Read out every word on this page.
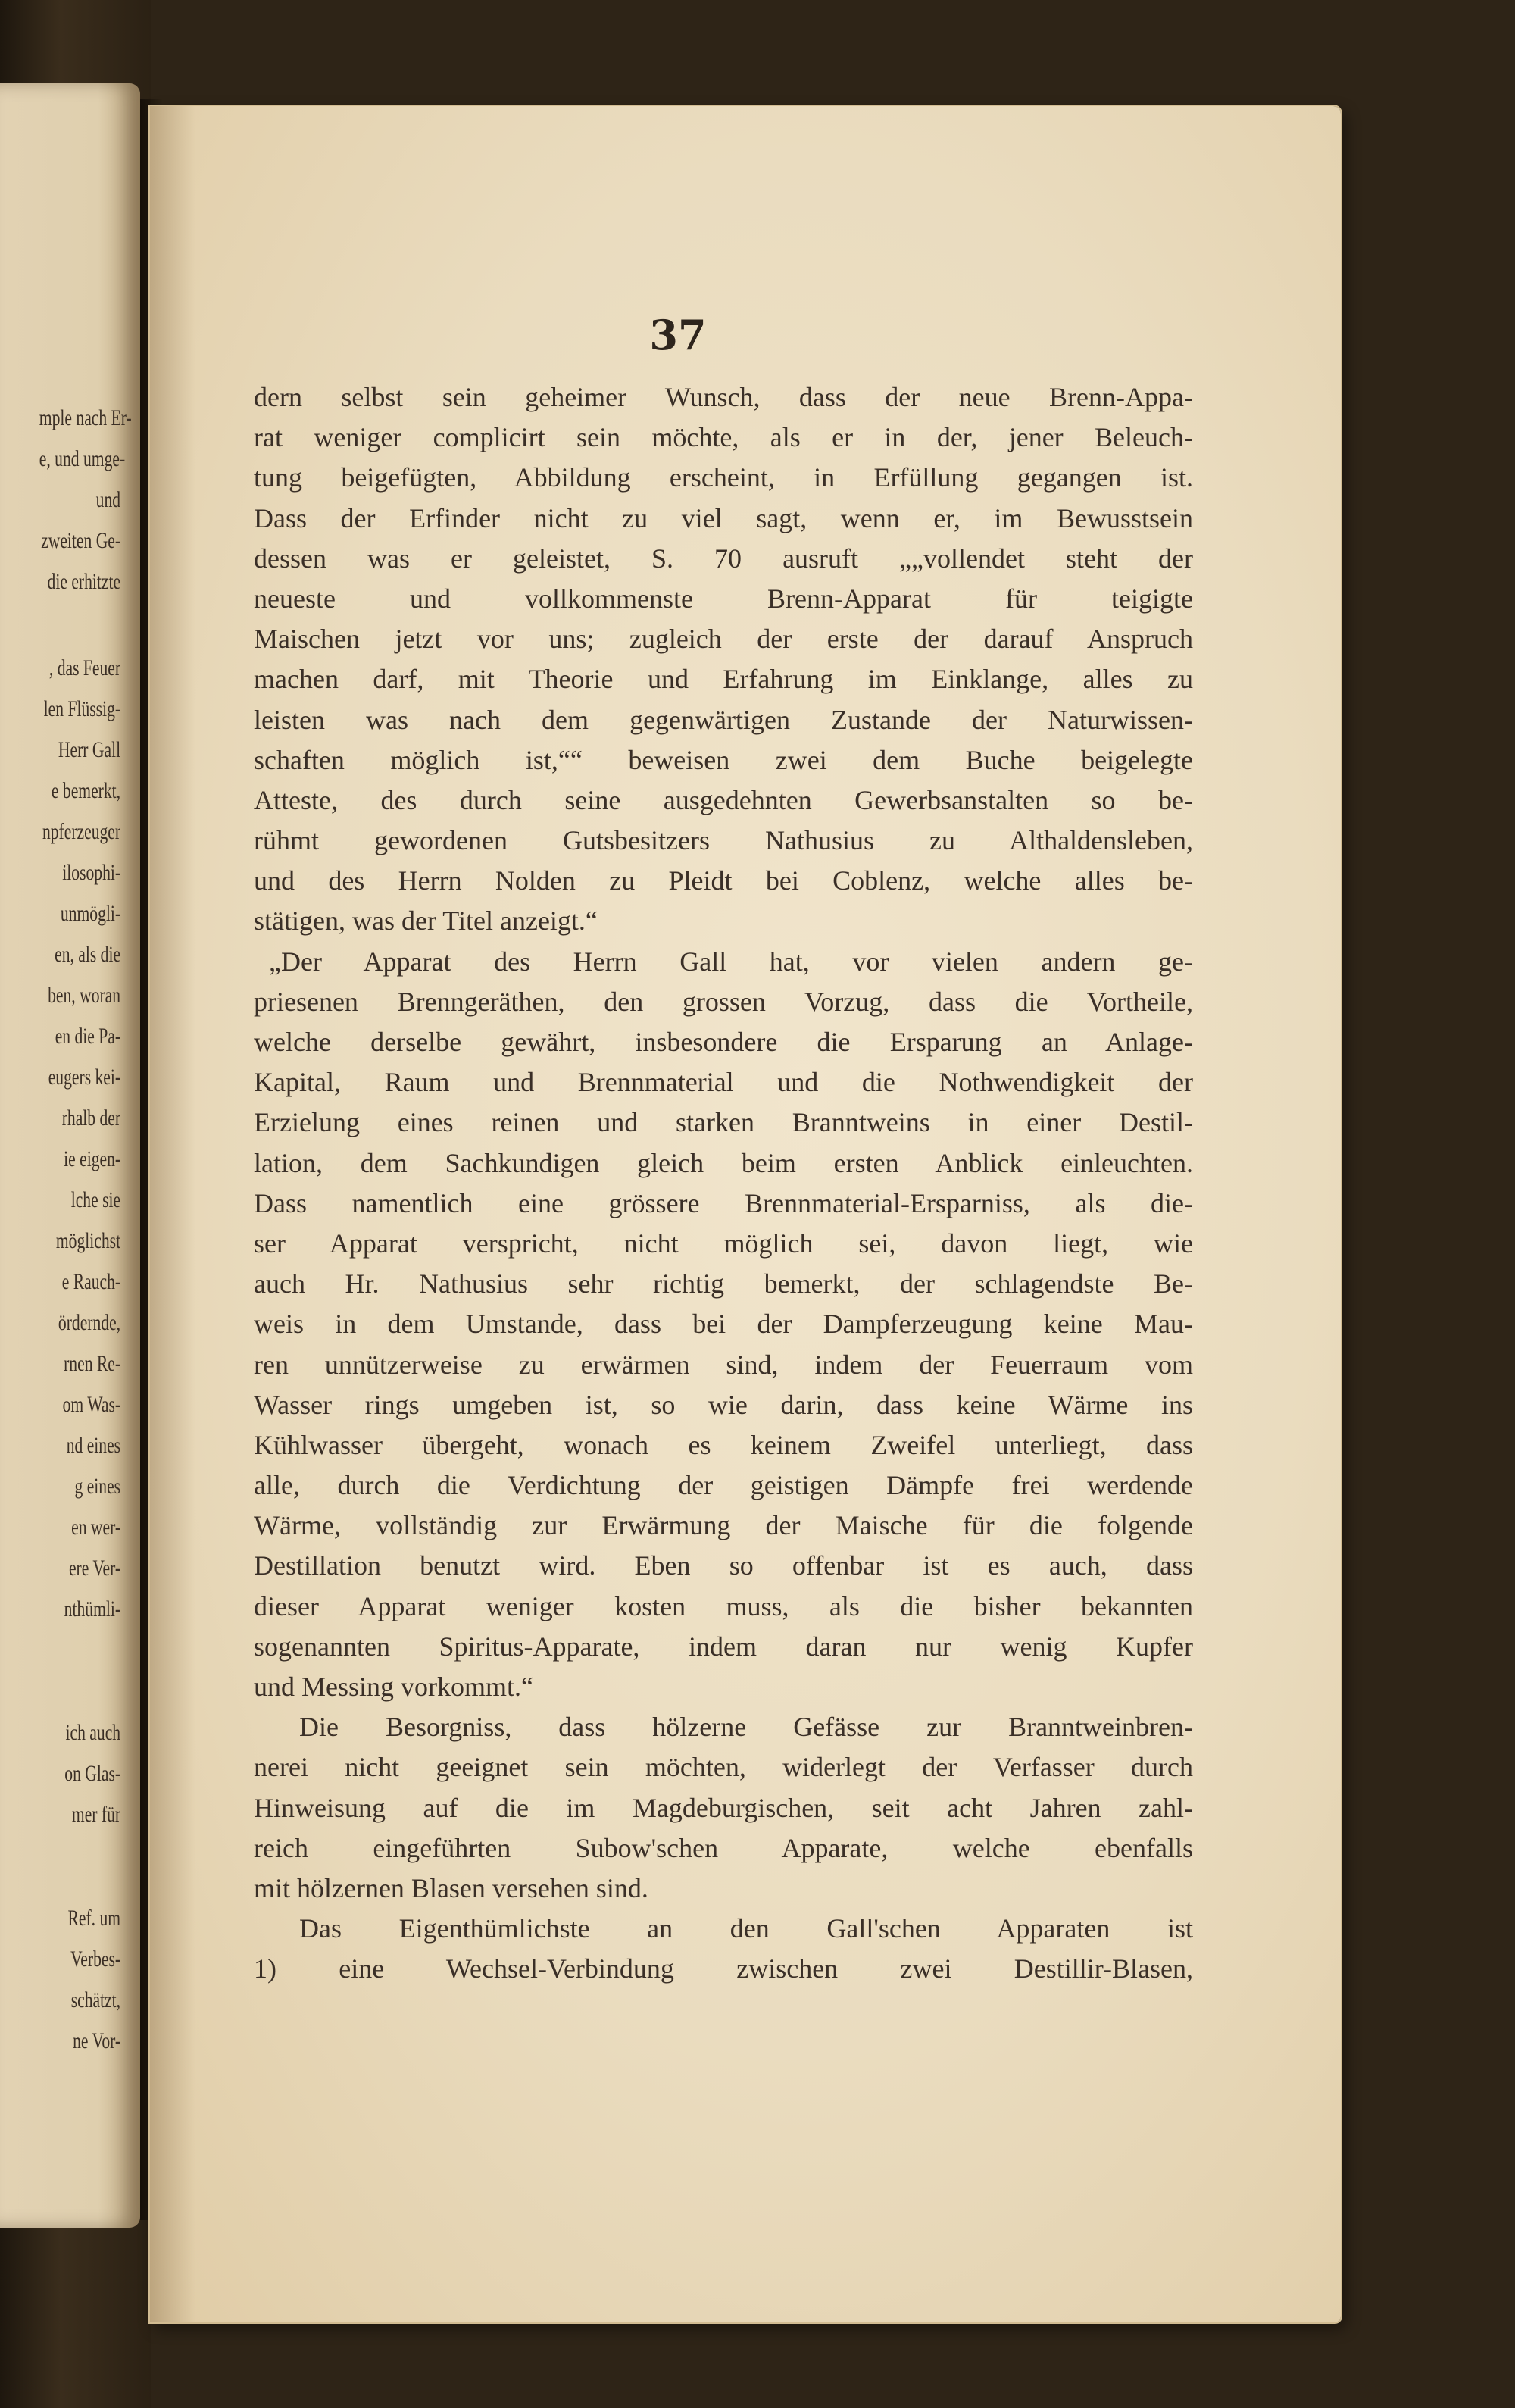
mple nach Er-
e, und umge-
und
zweiten Ge-
die erhitzte
, das Feuer
len Flüssig-
Herr Gall
e bemerkt,
npferzeuger
ilosophi-
unmögli-
en, als die
ben, woran
en die Pa-
eugers kei-
rhalb der
ie eigen-
lche sie
möglichst
e Rauch-
ördernde,
rnen Re-
om Was-
nd eines
g eines
en wer-
ere Ver-
nthümli-
ich auch
on Glas-
mer für
Ref. um
Verbes-
schätzt,
ne Vor-
37
dern selbst sein geheimer Wunsch, dass der neue Brenn-Appa-
rat weniger complicirt sein möchte, als er in der, jener Beleuch-
tung beigefügten, Abbildung erscheint, in Erfüllung gegangen ist.
Dass der Erfinder nicht zu viel sagt, wenn er, im Bewusstsein
dessen was er geleistet, S. 70 ausruft „„vollendet steht der
neueste und vollkommenste Brenn-Apparat für teigigte
Maischen jetzt vor uns; zugleich der erste der darauf Anspruch
machen darf, mit Theorie und Erfahrung im Einklange, alles zu
leisten was nach dem gegenwärtigen Zustande der Naturwissen-
schaften möglich ist,““ beweisen zwei dem Buche beigelegte
Atteste, des durch seine ausgedehnten Gewerbsanstalten so be-
rühmt gewordenen Gutsbesitzers Nathusius zu Althaldensleben,
und des Herrn Nolden zu Pleidt bei Coblenz, welche alles be-
stätigen, was der Titel anzeigt.“
„Der Apparat des Herrn Gall hat, vor vielen andern ge-
priesenen Brenngeräthen, den grossen Vorzug, dass die Vortheile,
welche derselbe gewährt, insbesondere die Ersparung an Anlage-
Kapital, Raum und Brennmaterial und die Nothwendigkeit der
Erzielung eines reinen und starken Branntweins in einer Destil-
lation, dem Sachkundigen gleich beim ersten Anblick einleuchten.
Dass namentlich eine grössere Brennmaterial-Ersparniss, als die-
ser Apparat verspricht, nicht möglich sei, davon liegt, wie
auch Hr. Nathusius sehr richtig bemerkt, der schlagendste Be-
weis in dem Umstande, dass bei der Dampferzeugung keine Mau-
ren unnützerweise zu erwärmen sind, indem der Feuerraum vom
Wasser rings umgeben ist, so wie darin, dass keine Wärme ins
Kühlwasser übergeht, wonach es keinem Zweifel unterliegt, dass
alle, durch die Verdichtung der geistigen Dämpfe frei werdende
Wärme, vollständig zur Erwärmung der Maische für die folgende
Destillation benutzt wird. Eben so offenbar ist es auch, dass
dieser Apparat weniger kosten muss, als die bisher bekannten
sogenannten Spiritus-Apparate, indem daran nur wenig Kupfer
und Messing vorkommt.“
Die Besorgniss, dass hölzerne Gefässe zur Branntweinbren-
nerei nicht geeignet sein möchten, widerlegt der Verfasser durch
Hinweisung auf die im Magdeburgischen, seit acht Jahren zahl-
reich eingeführten Subow'schen Apparate, welche ebenfalls
mit hölzernen Blasen versehen sind.
Das Eigenthümlichste an den Gall'schen Apparaten ist
1) eine Wechsel-Verbindung zwischen zwei Destillir-Blasen,
